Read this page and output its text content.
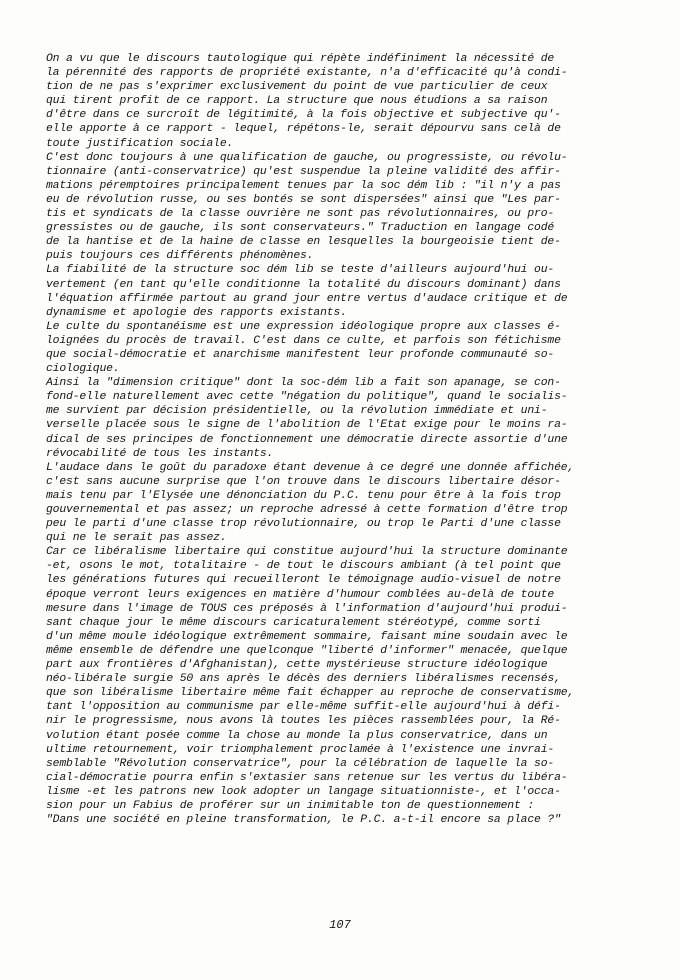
On a vu que le discours tautologique qui répète indéfiniment la nécessité de
la pérennité des rapports de propriété existante, n'a d'efficacité qu'à condi-
tion de ne pas s'exprimer exclusivement du point de vue particulier de ceux
qui tirent profit de ce rapport. La structure que nous étudions a sa raison
d'être dans ce surcroît de légitimité, à la fois objective et subjective qu'-
elle apporte à ce rapport - lequel, répétons-le, serait dépourvu sans celà de
toute justification sociale.
C'est donc toujours à une qualification de gauche, ou progressiste, ou révolu-
tionnaire (anti-conservatrice) qu'est suspendue la pleine validité des affir-
mations péremptoires principalement tenues par la soc dém lib : "il n'y a pas
eu de révolution russe, ou ses bontés se sont dispersées" ainsi que "Les par-
tis et syndicats de la classe ouvrière ne sont pas révolutionnaires, ou pro-
gressistes ou de gauche, ils sont conservateurs." Traduction en langage codé
de la hantise et de la haine de classe en lesquelles la bourgeoisie tient de-
puis toujours ces différents phénomènes.
La fiabilité de la structure soc dém lib se teste d'ailleurs aujourd'hui ou-
vertement (en tant qu'elle conditionne la totalité du discours dominant) dans
l'équation affirmée partout au grand jour entre vertus d'audace critique et de
dynamisme et apologie des rapports existants.
Le culte du spontanéisme est une expression idéologique propre aux classes é-
loignées du procès de travail. C'est dans ce culte, et parfois son fétichisme
que social-démocratie et anarchisme manifestent leur profonde communauté so-
ciologique.
Ainsi la "dimension critique" dont la soc-dém lib a fait son apanage, se con-
fond-elle naturellement avec cette "négation du politique", quand le socialis-
me survient par décision présidentielle, ou la révolution immédiate et uni-
verselle placée sous le signe de l'abolition de l'Etat exige pour le moins ra-
dical de ses principes de fonctionnement une démocratie directe assortie d'une
révocabilité de tous les instants.
L'audace dans le goût du paradoxe étant devenue à ce degré une donnée affichée,
c'est sans aucune surprise que l'on trouve dans le discours libertaire désor-
mais tenu par l'Elysée une dénonciation du P.C. tenu pour être à la fois trop
gouvernemental et pas assez; un reproche adressé à cette formation d'être trop
peu le parti d'une classe trop révolutionnaire, ou trop le Parti d'une classe
qui ne le serait pas assez.
Car ce libéralisme libertaire qui constitue aujourd'hui la structure dominante
-et, osons le mot, totalitaire - de tout le discours ambiant (à tel point que
les générations futures qui recueilleront le témoignage audio-visuel de notre
époque verront leurs exigences en matière d'humour comblées au-delà de toute
mesure dans l'image de TOUS ces préposés à l'information d'aujourd'hui produi-
sant chaque jour le même discours caricaturalement stéréotypé, comme sorti
d'un même moule idéologique extrêmement sommaire, faisant mine soudain avec le
même ensemble de défendre une quelconque "liberté d'informer" menacée, quelque
part aux frontières d'Afghanistan), cette mystérieuse structure idéologique
néo-libérale surgie 50 ans après le décès des derniers libéralismes recensés,
que son libéralisme libertaire même fait échapper au reproche de conservatisme,
tant l'opposition au communisme par elle-même suffit-elle aujourd'hui à défi-
nir le progressisme, nous avons là toutes les pièces rassemblées pour, la Ré-
volution étant posée comme la chose au monde la plus conservatrice, dans un
ultime retournement, voir triomphalement proclamée à l'existence une invrai-
semblable "Révolution conservatrice", pour la célébration de laquelle la so-
cial-démocratie pourra enfin s'extasier sans retenue sur les vertus du libéra-
lisme -et les patrons new look adopter un langage situationniste-, et l'occa-
sion pour un Fabius de proférer sur un inimitable ton de questionnement :
"Dans une société en pleine transformation, le P.C. a-t-il encore sa place ?"
107
